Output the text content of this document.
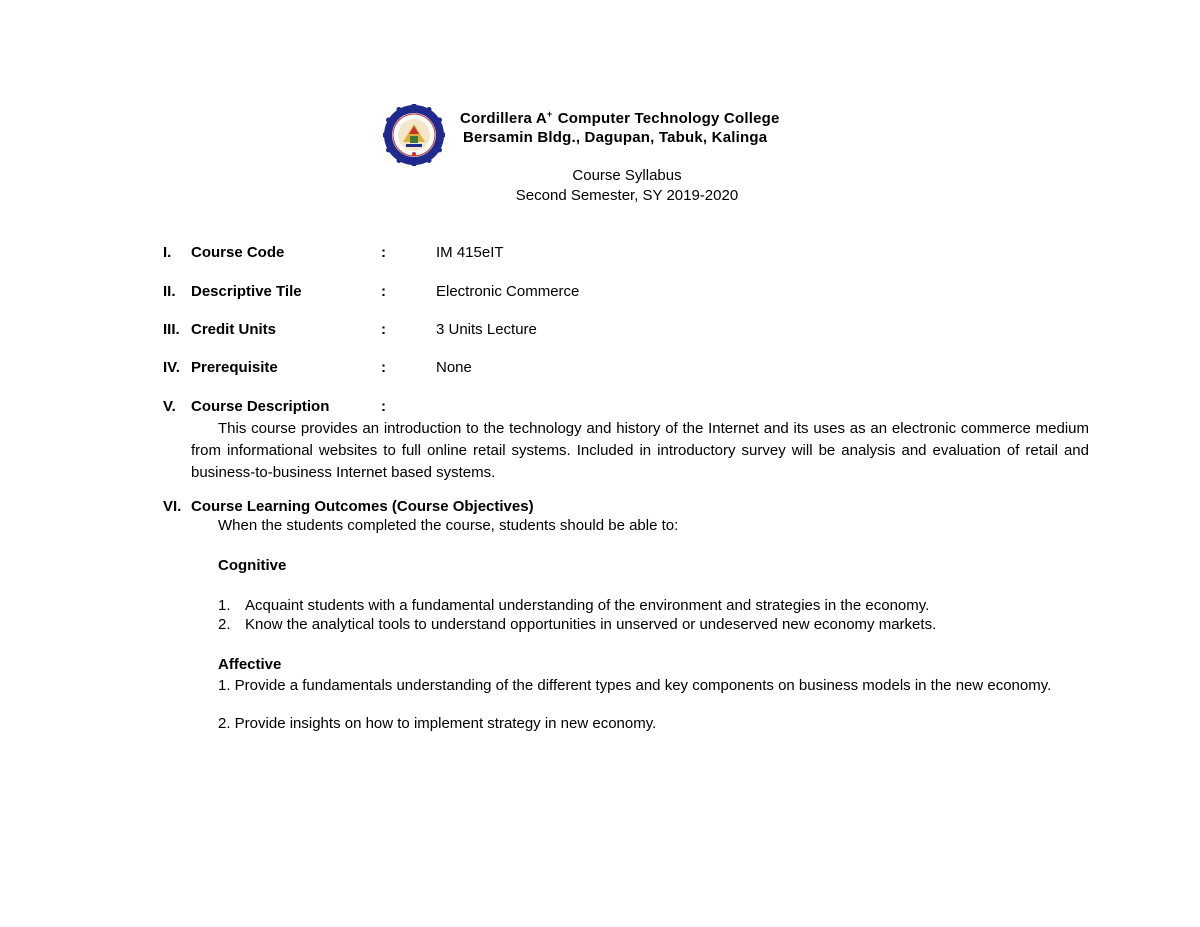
Cordillera A+ Computer Technology College
Bersamin Bldg., Dagupan, Tabuk, Kalinga
Course Syllabus
Second Semester, SY 2019-2020
I. Course Code	:	IM 415eIT
II. Descriptive Tile	:	Electronic Commerce
III. Credit Units	:	3 Units Lecture
IV. Prerequisite	:	None
V. Course Description	:
This course provides an introduction to the technology and history of the Internet and its uses as an electronic commerce medium from informational websites to full online retail systems. Included in introductory survey will be analysis and evaluation of retail and business-to-business Internet based systems.
VI. Course Learning Outcomes (Course Objectives)
When the students completed the course, students should be able to:
Cognitive
1. Acquaint students with a fundamental understanding of the environment and strategies in the economy.
2. Know the analytical tools to understand opportunities in unserved or undeserved new economy markets.
Affective
1. Provide a fundamentals understanding of the different types and key components on business models in the new economy.
2. Provide insights on how to implement strategy in new economy.
